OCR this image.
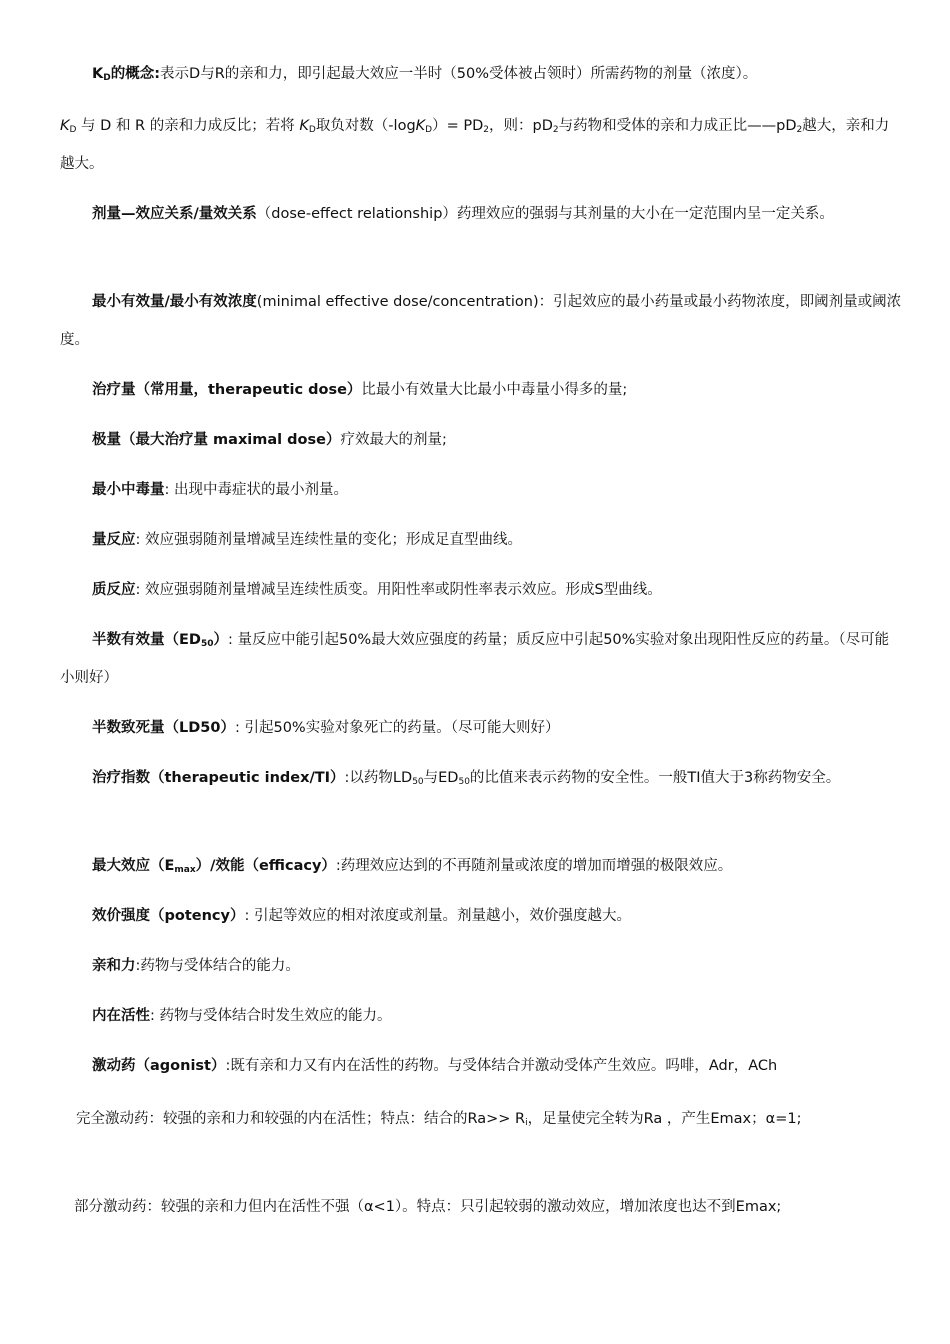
$K_D$的概念:表示D与R的亲和力，即引起最大效应一半时（50%受体被占领时）所需药物的剂量（浓度）。

$K_D$ 与 D 和 R 的亲和力成反比；若将 $K_D$取负对数$(-\log K_D)= PD_2$，则：$pD_2$与药物和受体的亲和力成正比$——pD_2$越大，亲和力越大。

剂量—效应关系/量效关系（dose-effect relationship）药理效应的强弱与其剂量的大小在一定范围内呈一定关系。

最小有效量/最小有效浓度(minimal effective dose/concentration)：引起效应的最小药量或最小药物浓度，即阈剂量或阈浓度。

治疗量（常用量，therapeutic dose）比最小有效量大比最小中毒量小得多的量;

极量（最大治疗量 maximal dose）疗效最大的剂量;

最小中毒量: 出现中毒症状的最小剂量。

量反应: 效应强弱随剂量增减呈连续性量的变化；形成足直型曲线。

质反应: 效应强弱随剂量增减呈连续性质变。用阳性率或阴性率表示效应。形成S型曲线。

半数有效量$(ED_{50})$: 量反应中能引起50%最大效应强度的药量；质反应中引起50%实验对象出现阳性反应的药量。（尽可能小则好）

半数致死量（LD50）: 引起50%实验对象死亡的药量。（尽可能大则好）

治疗指数（therapeutic index/TI）:以药物$LD_{50}$与$ED_{50}$的比值来表示药物的安全性。一般TI值大于3称药物安全。

最大效应$(E_{max})/$效能（efficacy）:药理效应达到的不再随剂量或浓度的增加而增强的极限效应。

效价强度（potency）: 引起等效应的相对浓度或剂量。剂量越小，效价强度越大。

亲和力:药物与受体结合的能力。

内在活性: 药物与受体结合时发生效应的能力。

激动药（agonist）:既有亲和力又有内在活性的药物。与受体结合并激动受体产生效应。吗啡，Adr，ACh

完全激动药：较强的亲和力和较强的内在活性；特点：结合的$Ra>> R_i$，足量使完全转为Ra ，产生Emax；α=1;

部分激动药：较强的亲和力但内在活性不强（α<1）。特点：只引起较弱的激动效应，增加浓度也达不到Emax;
